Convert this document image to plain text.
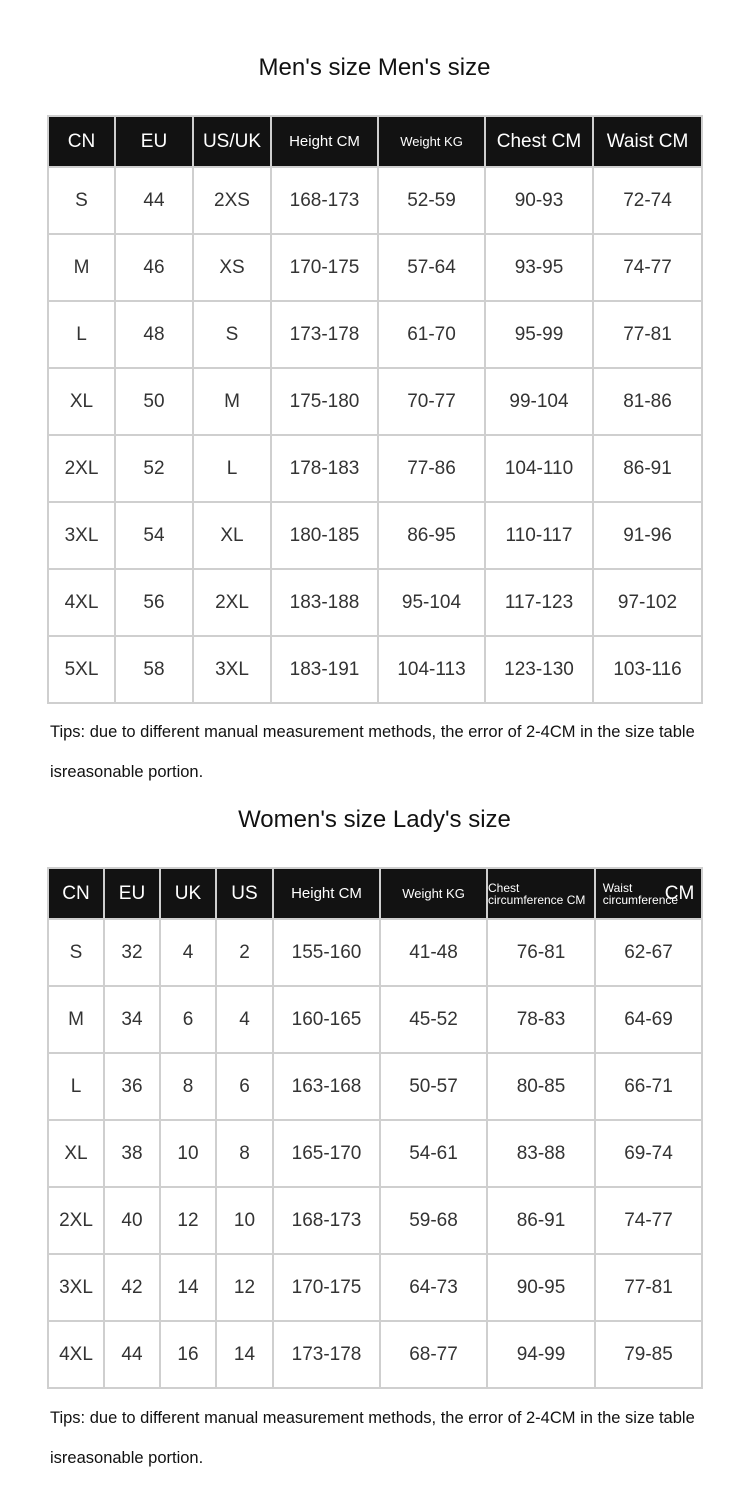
Men's size Men's size
CN	EU	US/UK	Height CM	Weight KG	Chest CM	Waist CM
S	44	2XS	168-173	52-59	90-93	72-74
M	46	XS	170-175	57-64	93-95	74-77
L	48	S	173-178	61-70	95-99	77-81
XL	50	M	175-180	70-77	99-104	81-86
2XL	52	L	178-183	77-86	104-110	86-91
3XL	54	XL	180-185	86-95	110-117	91-96
4XL	56	2XL	183-188	95-104	117-123	97-102
5XL	58	3XL	183-191	104-113	123-130	103-116
Tips: due to different manual measurement methods, the error of 2-4CM in the size table isreasonable portion.
Women's size Lady's size
CN	EU	UK	US	Height CM	Weight KG	Chest circumference CM	Waist circumferenceCM
S	32	4	2	155-160	41-48	76-81	62-67
M	34	6	4	160-165	45-52	78-83	64-69
L	36	8	6	163-168	50-57	80-85	66-71
XL	38	10	8	165-170	54-61	83-88	69-74
2XL	40	12	10	168-173	59-68	86-91	74-77
3XL	42	14	12	170-175	64-73	90-95	77-81
4XL	44	16	14	173-178	68-77	94-99	79-85
Tips: due to different manual measurement methods, the error of 2-4CM in the size table isreasonable portion.
